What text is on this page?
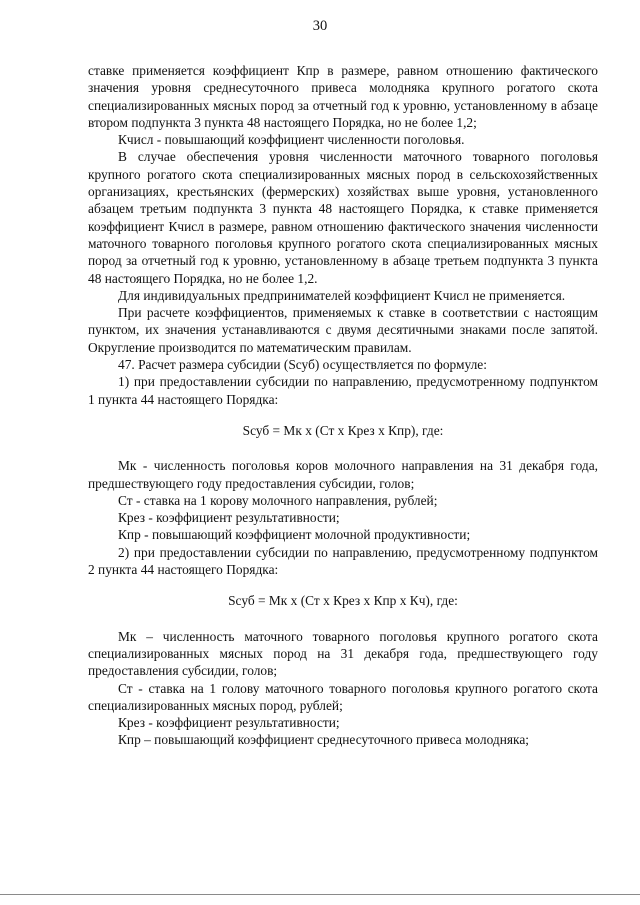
30

ставке применяется коэффициент Кпр в размере, равном отношению фактического значения уровня среднесуточного привеса молодняка крупного рогатого скота специализированных мясных пород за отчетный год к уровню, установленному в абзаце втором подпункта 3 пункта 48 настоящего Порядка, но не более 1,2;

Кчисл - повышающий коэффициент численности поголовья.

В случае обеспечения уровня численности маточного товарного поголовья крупного рогатого скота специализированных мясных пород в сельскохозяйственных организациях, крестьянских (фермерских) хозяйствах выше уровня, установленного абзацем третьим подпункта 3 пункта 48 настоящего Порядка, к ставке применяется коэффициент Кчисл в размере, равном отношению фактического значения численности маточного товарного поголовья крупного рогатого скота специализированных мясных пород за отчетный год к уровню, установленному в абзаце третьем подпункта 3 пункта 48 настоящего Порядка, но не более 1,2.

Для индивидуальных предпринимателей коэффициент Кчисл не применяется.

При расчете коэффициентов, применяемых к ставке в соответствии с настоящим пунктом, их значения устанавливаются с двумя десятичными знаками после запятой. Округление производится по математическим правилам.

47. Расчет размера субсидии (Sсуб) осуществляется по формуле:

1) при предоставлении субсидии по направлению, предусмотренному подпунктом 1 пункта 44 настоящего Порядка:

Sсуб = Мк х (Ст х Крез х Кпр), где:

Мк - численность поголовья коров молочного направления на 31 декабря года, предшествующего году предоставления субсидии, голов;

Ст - ставка на 1 корову молочного направления, рублей;

Крез - коэффициент результативности;

Кпр - повышающий коэффициент молочной продуктивности;

2) при предоставлении субсидии по направлению, предусмотренному подпунктом 2 пункта 44 настоящего Порядка:

Sсуб = Мк х (Ст х Крез х Кпр х Кч), где:

Мк – численность маточного товарного поголовья крупного рогатого скота специализированных мясных пород на 31 декабря года, предшествующего году предоставления субсидии, голов;

Ст - ставка на 1 голову маточного товарного поголовья крупного рогатого скота специализированных мясных пород, рублей;

Крез - коэффициент результативности;

Кпр – повышающий коэффициент среднесуточного привеса молодняка;
